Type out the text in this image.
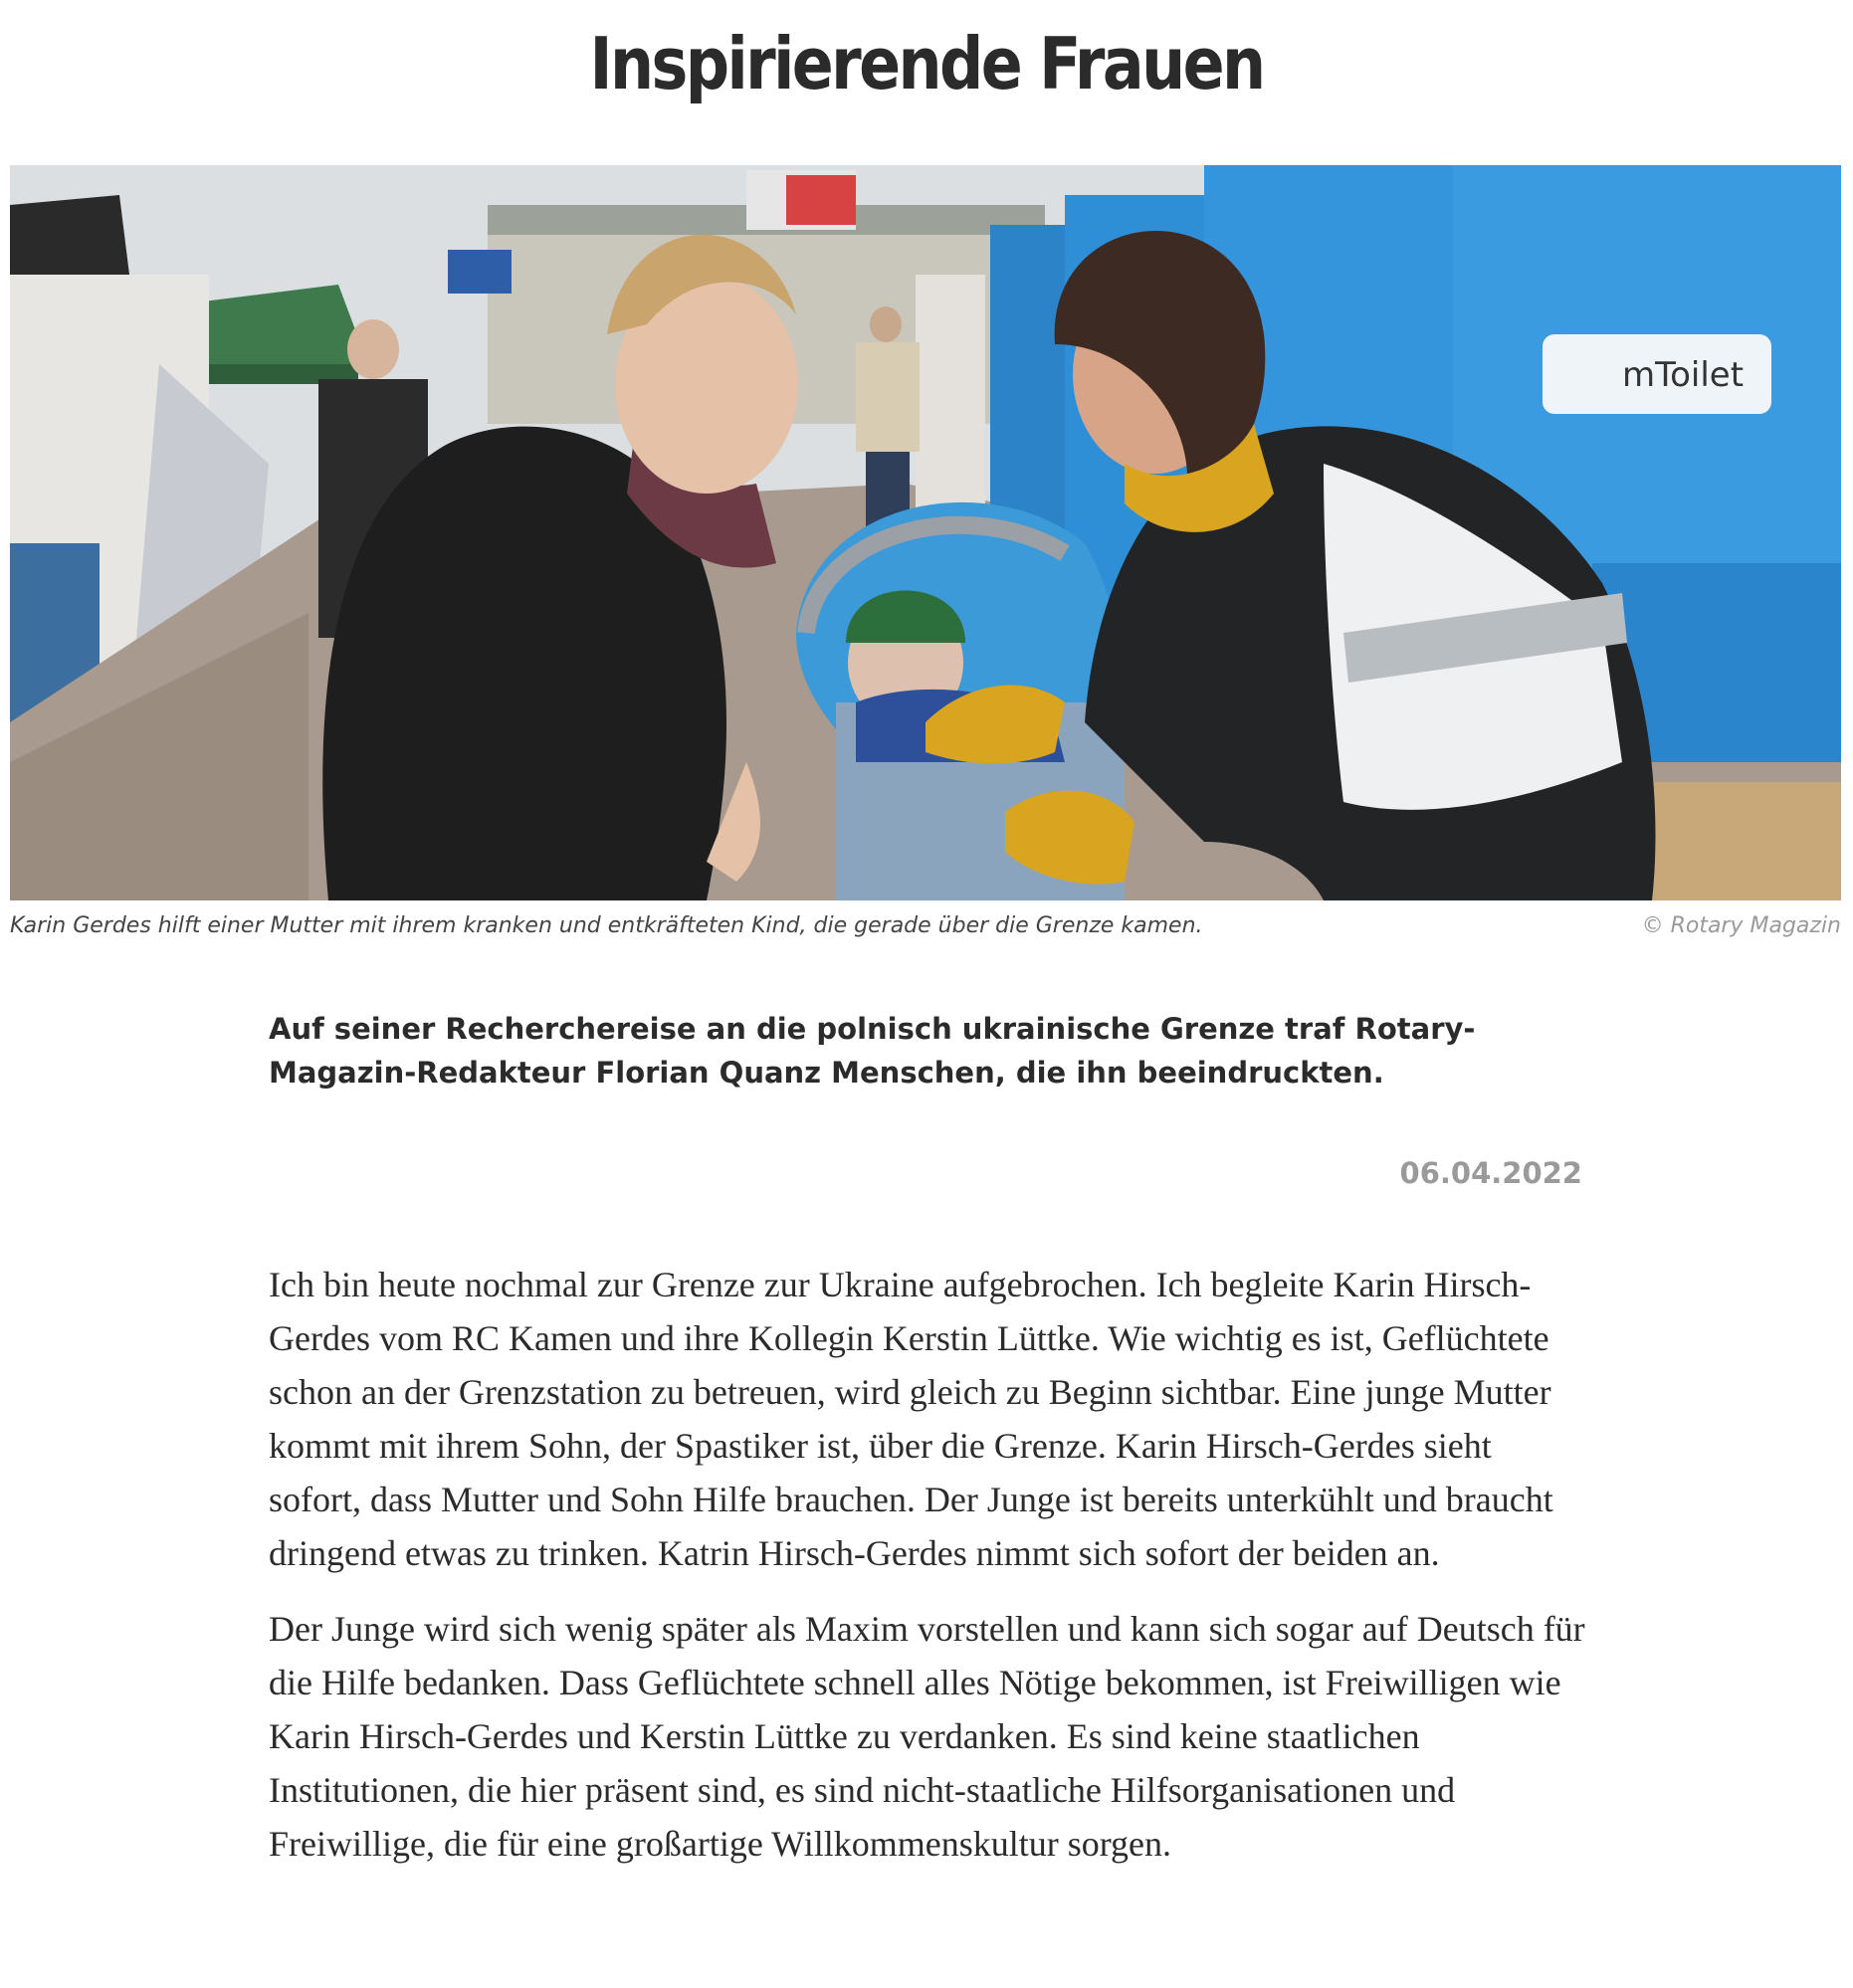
Inspirierende Frauen
mToilet
Karin Gerdes hilft einer Mutter mit ihrem kranken und entkräfteten Kind, die gerade über die Grenze kamen.	© Rotary Magazin

Auf seiner Recherchereise an die polnisch ukrainische Grenze traf Rotary-Magazin-Redakteur Florian Quanz Menschen, die ihn beeindruckten.

06.04.2022

Ich bin heute nochmal zur Grenze zur Ukraine aufgebrochen. Ich begleite Karin Hirsch-Gerdes vom RC Kamen und ihre Kollegin Kerstin Lüttke. Wie wichtig es ist, Geflüchtete schon an der Grenzstation zu betreuen, wird gleich zu Beginn sichtbar. Eine junge Mutter kommt mit ihrem Sohn, der Spastiker ist, über die Grenze. Karin Hirsch-Gerdes sieht sofort, dass Mutter und Sohn Hilfe brauchen. Der Junge ist bereits unterkühlt und braucht dringend etwas zu trinken. Katrin Hirsch-Gerdes nimmt sich sofort der beiden an.

Der Junge wird sich wenig später als Maxim vorstellen und kann sich sogar auf Deutsch für die Hilfe bedanken. Dass Geflüchtete schnell alles Nötige bekommen, ist Freiwilligen wie Karin Hirsch-Gerdes und Kerstin Lüttke zu verdanken. Es sind keine staatlichen Institutionen, die hier präsent sind, es sind nicht-staatliche Hilfsorganisationen und Freiwillige, die für eine großartige Willkommenskultur sorgen.
